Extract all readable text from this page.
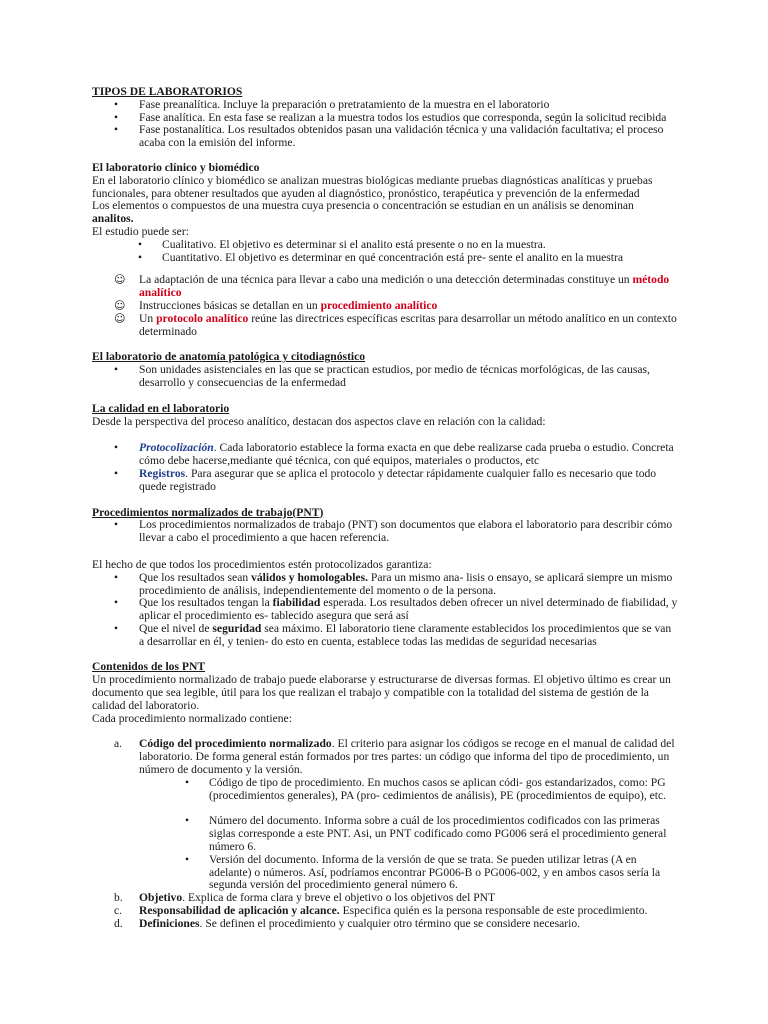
TIPOS DE LABORATORIOS

• Fase preanalítica. Incluye la preparación o pretratamiento de la muestra en el laboratorio
• Fase analítica. En esta fase se realizan a la muestra todos los estudios que corresponda, según la solicitud recibida
• Fase postanalítica. Los resultados obtenidos pasan una validación técnica y una validación facultativa; el proceso acaba con la emisión del informe.

El laboratorio clínico y biomédico

En el laboratorio clínico y biomédico se analizan muestras biológicas mediante pruebas diagnósticas analíticas y pruebas funcionales, para obtener resultados que ayuden al diagnóstico, pronóstico, terapéutica y prevención de la enfermedad

Los elementos o compuestos de una muestra cuya presencia o concentración se estudian en un análisis se denominan analitos.

El estudio puede ser:

• Cualitativo. El objetivo es determinar si el analito está presente o no en la muestra.
• Cuantitativo. El objetivo es determinar en qué concentración está pre- sente el analito en la muestra
☺ La adaptación de una técnica para llevar a cabo una medición o una detección determinadas constituye un método analítico
☺ Instrucciones básicas se detallan en un procedimiento analítico
☺ Un protocolo analítico reúne las directrices específicas escritas para desarrollar un método analítico en un contexto determinado

El laboratorio de anatomía patológica y citodiagnóstico

• Son unidades asistenciales en las que se practican estudios, por medio de técnicas morfológicas, de las causas, desarrollo y consecuencias de la enfermedad

La calidad en el laboratorio

Desde la perspectiva del proceso analítico, destacan dos aspectos clave en relación con la calidad:

• Protocolización. Cada laboratorio establece la forma exacta en que debe realizarse cada prueba o estudio. Concreta cómo debe hacerse,mediante qué técnica, con qué equipos, materiales o productos, etc
• Registros. Para asegurar que se aplica el protocolo y detectar rápidamente cualquier fallo es necesario que todo quede registrado

Procedimientos normalizados de trabajo(PNT)

• Los procedimientos normalizados de trabajo (PNT) son documentos que elabora el laboratorio para describir cómo llevar a cabo el procedimiento a que hacen referencia.

El hecho de que todos los procedimientos estén protocolizados garantiza:

• Que los resultados sean válidos y homologables. Para un mismo ana- lisis o ensayo, se aplicará siempre un mismo procedimiento de análisis, independientemente del momento o de la persona.
• Que los resultados tengan la fiabilidad esperada. Los resultados deben ofrecer un nivel determinado de fiabilidad, y aplicar el procedimiento es- tablecido asegura que será así
• Que el nivel de seguridad sea máximo. El laboratorio tiene claramente establecidos los procedimientos que se van a desarrollar en él, y tenien- do esto en cuenta, establece todas las medidas de seguridad necesarias

Contenidos de los PNT

Un procedimiento normalizado de trabajo puede elaborarse y estructurarse de diversas formas. El objetivo último es crear un documento que sea legible, útil para los que realizan el trabajo y compatible con la totalidad del sistema de gestión de la calidad del laboratorio.

Cada procedimiento normalizado contiene:

a. Código del procedimiento normalizado. El criterio para asignar los códigos se recoge en el manual de calidad del laboratorio. De forma general están formados por tres partes: un código que informa del tipo de procedimiento, un número de documento y la versión.
• Código de tipo de procedimiento. En muchos casos se aplican códi- gos estandarizados, como: PG (procedimientos generales), PA (pro- cedimientos de análisis), PE (procedimientos de equipo), etc.
• Número del documento. Informa sobre a cuál de los procedimientos codificados con las primeras siglas corresponde a este PNT. Asi, un PNT codificado como PG006 será el procedimiento general número 6.
• Versión del documento. Informa de la versión de que se trata. Se pueden utilizar letras (A en adelante) o números. Así, podríamos encontrar PG006-B o PG006-002, y en ambos casos sería la segunda versión del procedimiento general número 6.
b. Objetivo. Explica de forma clara y breve el objetivo o los objetivos del PNT
c. Responsabilidad de aplicación y alcance. Especifica quién es la persona responsable de este procedimiento.
d. Definiciones. Se definen el procedimiento y cualquier otro término que se considere necesario.
